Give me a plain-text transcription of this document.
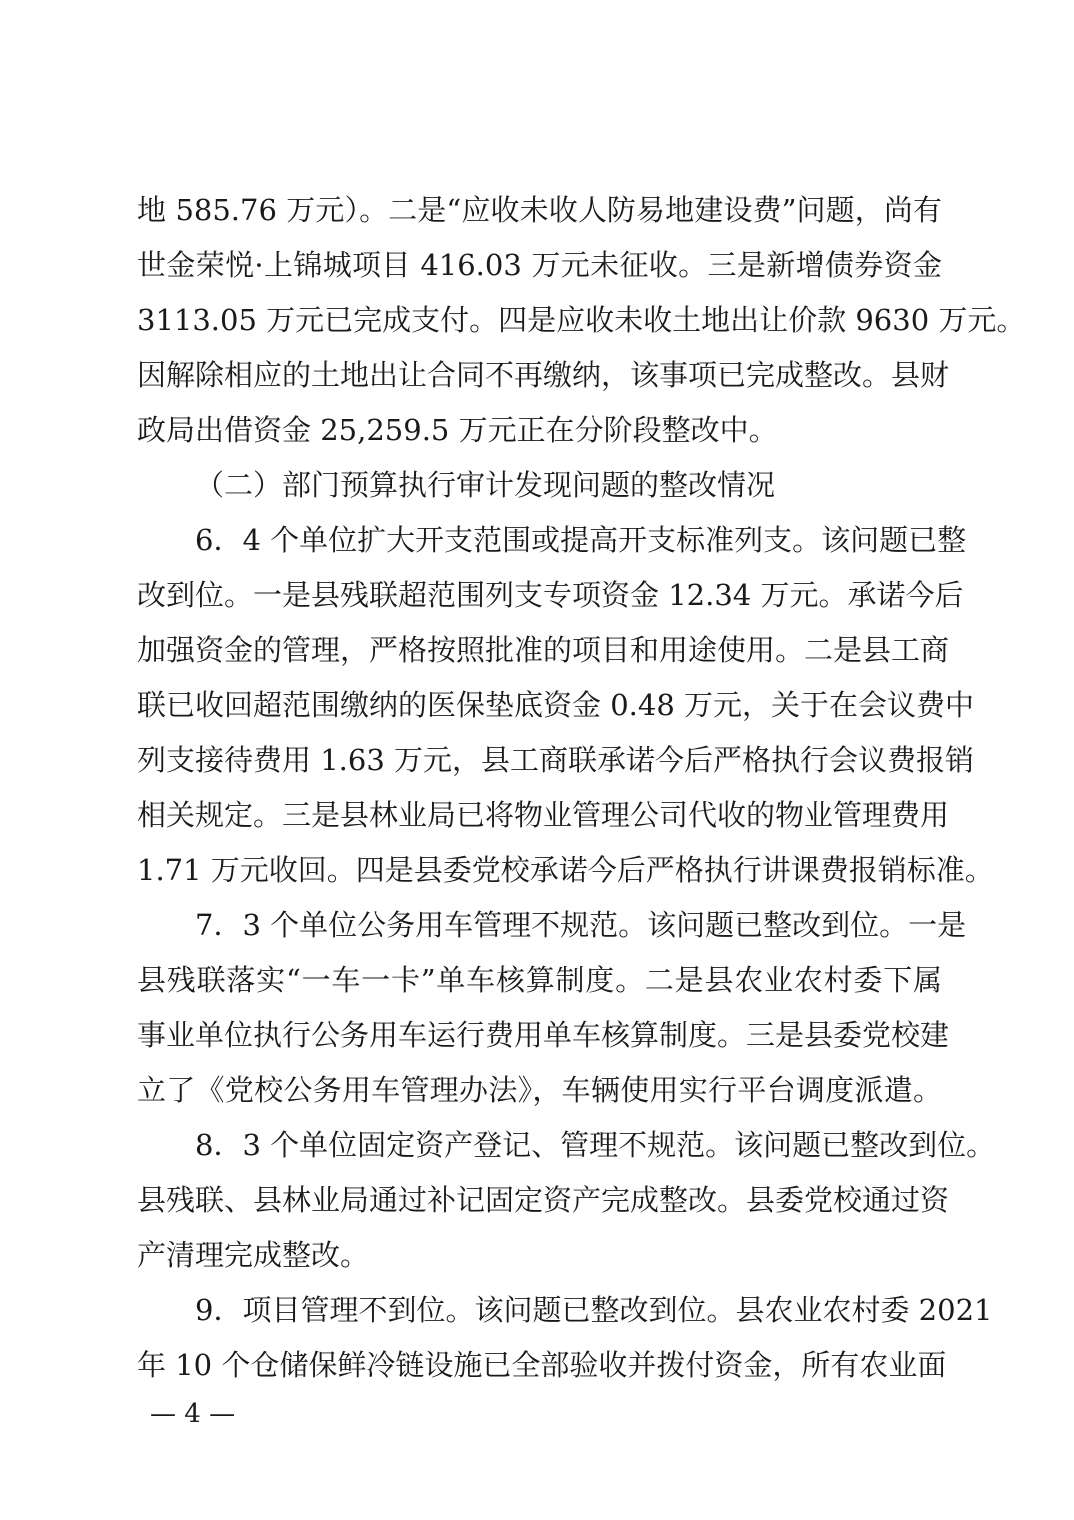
地 585.76 万元）。二是“应收未收人防易地建设费”问题，尚有
世金荣悦·上锦城项目 416.03 万元未征收。三是新增债券资金
3113.05 万元已完成支付。四是应收未收土地出让价款 9630 万元。
因解除相应的土地出让合同不再缴纳，该事项已完成整改。县财
政局出借资金 25,259.5 万元正在分阶段整改中。
（二）部门预算执行审计发现问题的整改情况
6．4 个单位扩大开支范围或提高开支标准列支。该问题已整
改到位。一是县残联超范围列支专项资金 12.34 万元。承诺今后
加强资金的管理，严格按照批准的项目和用途使用。二是县工商
联已收回超范围缴纳的医保垫底资金 0.48 万元，关于在会议费中
列支接待费用 1.63 万元，县工商联承诺今后严格执行会议费报销
相关规定。三是县林业局已将物业管理公司代收的物业管理费用
1.71 万元收回。四是县委党校承诺今后严格执行讲课费报销标准。
7．3 个单位公务用车管理不规范。该问题已整改到位。一是
县残联落实“一车一卡”单车核算制度。二是县农业农村委下属
事业单位执行公务用车运行费用单车核算制度。三是县委党校建
立了《党校公务用车管理办法》，车辆使用实行平台调度派遣。
8．3 个单位固定资产登记、管理不规范。该问题已整改到位。
县残联、县林业局通过补记固定资产完成整改。县委党校通过资
产清理完成整改。
9．项目管理不到位。该问题已整改到位。县农业农村委 2021
年 10 个仓储保鲜冷链设施已全部验收并拨付资金，所有农业面
— 4 —
